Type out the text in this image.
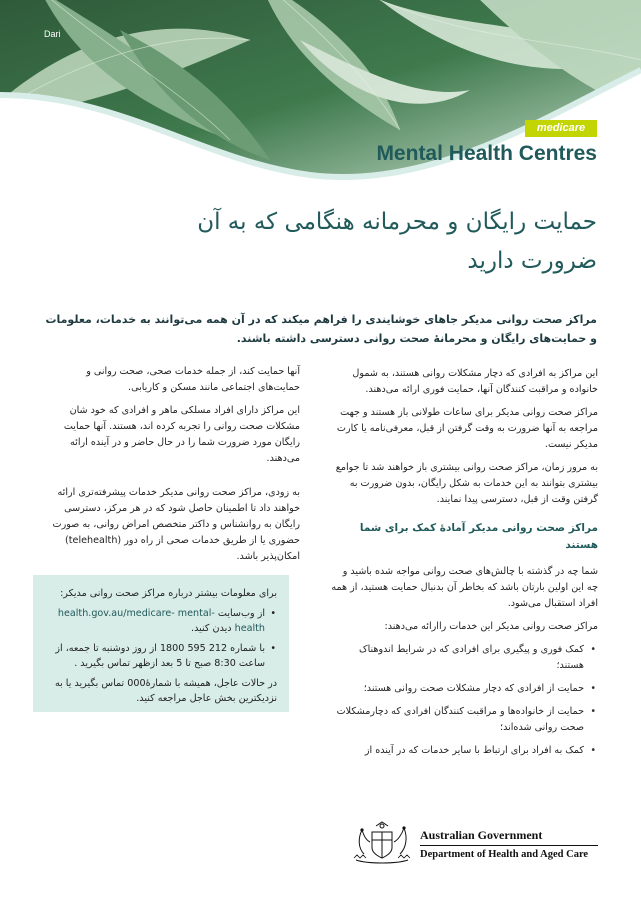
Dari
medicare
Mental Health Centres
حمایت رایگان و محرمانه هنگامی که به آن ضرورت دارید
مراکز صحت روانی مدیکر جاهای خوشایندی را فراهم میکند که در آن همه می‌توانند به خدمات، معلومات و حمایت‌های رایگان و محرمانهٔ صحت روانی دسترسی داشته باشند.

این مراکز به افرادی که دچار مشکلات روانی هستند، به شمول خانواده و مراقبت کنندگان آنها، حمایت فوری ارائه می‌دهند.

مراکز صحت روانی مدیکر برای ساعات طولانی باز هستند و جهت مراجعه به آنها ضرورت به وقت گرفتن از قبل، معرفی‌نامه یا کارت مدیکر نیست.

به مرور زمان، مراکز صحت روانی بیشتری باز خواهند شد تا جوامع بیشتری بتوانند به این خدمات به شکل رایگان، بدون ضرورت به گرفتن وقت از قبل، دسترسی پیدا نمایند.

مراکز صحت روانی مدیکر آمادهٔ کمک برای شما هستند

شما چه در گذشته با چالش‌های صحت روانی مواجه شده باشید و چه این اولین بارتان باشد که بخاطر آن بدنبال حمایت هستید، از همه افراد استقبال می‌شود.

مراکز صحت روانی مدیکر این خدمات راارائه می‌دهند:

• کمک فوری و پیگیری برای افرادی که در شرایط اندوهناک هستند؛
• حمایت از افرادی که دچار مشکلات صحت روانی هستند؛
• حمایت از خانواده‌ها و مراقبت کنندگان افرادی که دچارمشکلات صحت روانی شده‌اند؛
• کمک به افراد برای ارتباط با سایر خدمات که در آینده از

آنها حمایت کند، از جمله خدمات صحی، صحت روانی و حمایت‌های اجتماعی مانند مسکن و کاریابی.

این مراکز دارای افراد مسلکی ماهر و افرادی که خود شان مشکلات صحت روانی را تجربه کرده اند، هستند. آنها حمایت رایگان مورد ضرورت شما را در حال حاضر و در آینده ارائه می‌دهند.

به زودی، مراکز صحت روانی مدیکر خدمات پیشرفته‌تری ارائه خواهند داد تا اطمینان حاصل شود که در هر مرکز، دسترسی رایگان به روانشناس و داکتر متخصص امراض روانی، به صورت حضوری یا از طریق خدمات صحی از راه دور (telehealth) امکان‌پذیر باشد.

برای معلومات بیشتر درباره مراکز صحت روانی مدیکر:
• از وب‌سایت health.gov.au/medicare- mental- health دیدن کنید.
• با شماره 212 595 1800 از روز دوشنبه تا جمعه، از ساعت 8:30 صبح تا 5 بعد ازظهر تماس بگیرید .
در حالات عاجل، همیشه با شمارهٔ000 تماس بگیرید یا به نزدیکترین بخش عاجل مراجعه کنید.
Australian Government
Department of Health and Aged Care
